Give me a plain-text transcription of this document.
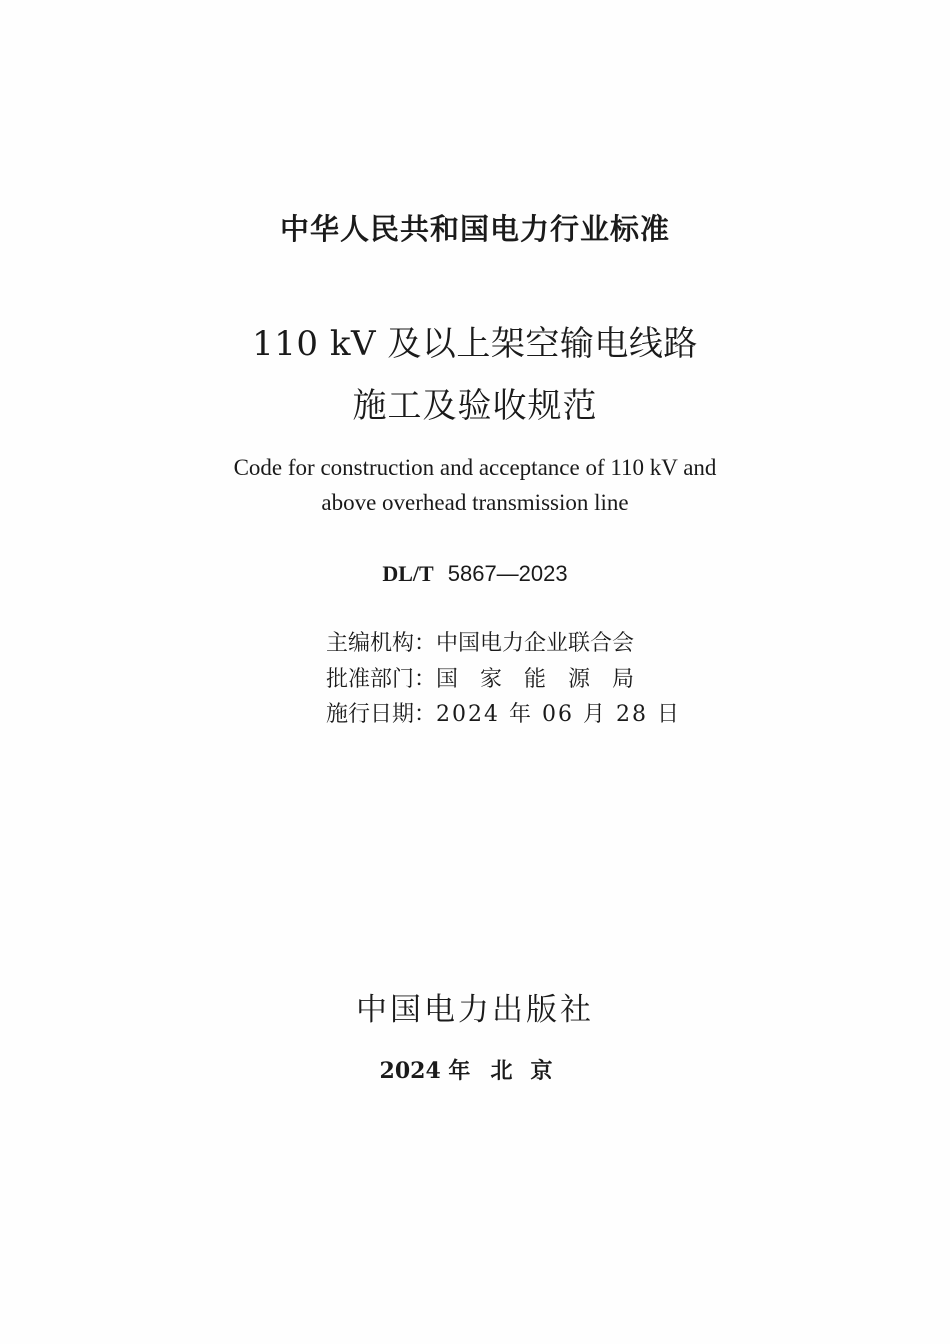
中华人民共和国电力行业标准
110 kV 及以上架空输电线路
施工及验收规范
Code for construction and acceptance of 110 kV and
above overhead transmission line
DL/T 5867—2023
主编机构：中国电力企业联合会
批准部门：国家能源局
施行日期：2024 年 06 月 28 日
中国电力出版社
2024 年 北京
